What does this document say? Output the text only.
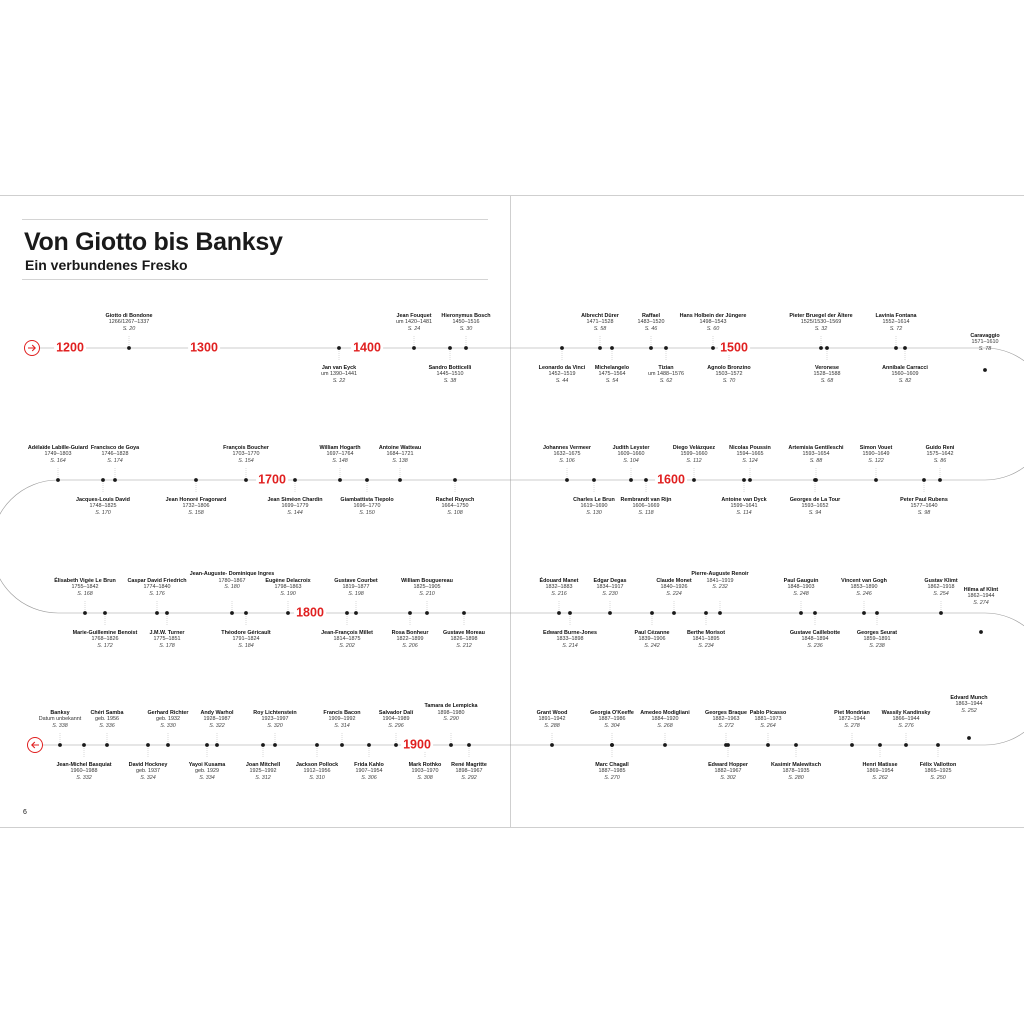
Von Giotto bis Banksy
Ein verbundenes Fresko
Giotto di Bondone
1266/1267–1337
S. 20
Jean Fouquet
um 1420–1481
S. 24
Hieronymus Bosch
1450–1516
S. 30
Albrecht Dürer
1471–1528
S. 58
Raffael
1483–1520
S. 46
Hans Holbein der Jüngere
1498–1543
S. 60
Pieter Bruegel der Ältere
1525/1530–1569
S. 32
Lavinia Fontana
1552–1614
S. 72
Jan van Eyck
um 1390–1441
S. 22
Sandro Botticelli
1445–1510
S. 38
Leonardo da Vinci
1452–1519
S. 44
Michelangelo
1475–1564
S. 54
Tizian
um 1488–1576
S. 62
Agnolo Bronzino
1503–1572
S. 70
Veronese
1528–1588
S. 68
Annibale Carracci
1560–1609
S. 82
Adélaïde Labille-Guiard
1749–1803
S. 164
Francisco de Goya
1746–1828
S. 174
François Boucher
1703–1770
S. 154
William Hogarth
1697–1764
S. 148
Antoine Watteau
1684–1721
S. 138
Johannes Vermeer
1632–1675
S. 106
Judith Leyster
1609–1660
S. 104
Diego Velázquez
1599–1660
S. 112
Nicolas Poussin
1594–1665
S. 124
Artemisia Gentileschi
1593–1654
S. 88
Simon Vouet
1590–1649
S. 122
Guido Reni
1575–1642
S. 86
Jacques-Louis David
1748–1825
S. 170
Jean Honoré Fragonard
1732–1806
S. 158
Jean Siméon Chardin
1699–1779
S. 144
Giambattista Tiepolo
1696–1770
S. 150
Rachel Ruysch
1664–1750
S. 108
Charles Le Brun
1619–1690
S. 130
Rembrandt van Rijn
1606–1669
S. 118
Antoine van Dyck
1599–1641
S. 114
Georges de La Tour
1593–1652
S. 94
Peter Paul Rubens
1577–1640
S. 98
Élisabeth Vigée Le Brun
1755–1842
S. 168
Caspar David Friedrich
1774–1840
S. 176
Jean-Auguste- Dominique Ingres
1780–1867
S. 180
Eugène Delacroix
1798–1863
S. 190
Gustave Courbet
1819–1877
S. 198
William Bouguereau
1825–1905
S. 210
Édouard Manet
1832–1883
S. 216
Edgar Degas
1834–1917
S. 230
Claude Monet
1840–1926
S. 224
Pierre-Auguste Renoir
1841–1919
S. 232
Paul Gauguin
1848–1903
S. 248
Vincent van Gogh
1853–1890
S. 246
Gustav Klimt
1862–1918
S. 254
Marie-Guillemine Benoist
1768–1826
S. 172
J.M.W. Turner
1775–1851
S. 178
Théodore Géricault
1791–1824
S. 184
Jean-François Millet
1814–1875
S. 202
Rosa Bonheur
1822–1899
S. 206
Gustave Moreau
1826–1898
S. 212
Edward Burne-Jones
1833–1898
S. 214
Paul Cézanne
1839–1906
S. 242
Berthe Morisot
1841–1895
S. 234
Gustave Caillebotte
1848–1894
S. 236
Georges Seurat
1859–1891
S. 238
Banksy
Datum unbekannt
S. 338
Chéri Samba
geb. 1956
S. 336
Gerhard Richter
geb. 1932
S. 330
Andy Warhol
1928–1987
S. 322
Roy Lichtenstein
1923–1997
S. 320
Francis Bacon
1909–1992
S. 314
Salvador Dalí
1904–1989
S. 296
Tamara de Lempicka
1898–1980
S. 290
Grant Wood
1891–1942
S. 288
Georgia O'Keeffe
1887–1986
S. 304
Amedeo Modigliani
1884–1920
S. 268
Georges Braque
1882–1963
S. 272
Pablo Picasso
1881–1973
S. 264
Piet Mondrian
1872–1944
S. 278
Wassily Kandinsky
1866–1944
S. 276
Jean-Michel Basquiat
1960–1988
S. 332
David Hockney
geb. 1937
S. 324
Yayoi Kusama
geb. 1929
S. 334
Joan Mitchell
1925–1992
S. 312
Jackson Pollock
1912–1956
S. 310
Frida Kahlo
1907–1954
S. 306
Mark Rothko
1903–1970
S. 308
René Magritte
1898–1967
S. 292
Marc Chagall
1887–1985
S. 270
Edward Hopper
1882–1967
S. 302
Kasimir Malewitsch
1878–1935
S. 280
Henri Matisse
1869–1954
S. 262
Félix Vallotton
1865–1925
S. 250
Caravaggio
1571–1610
S. 78
Hilma af Klint
1862–1944
S. 274
Edvard Munch
1863–1944
S. 252
1200	1300	1400	1500
1600
1700
1800
1900
6
